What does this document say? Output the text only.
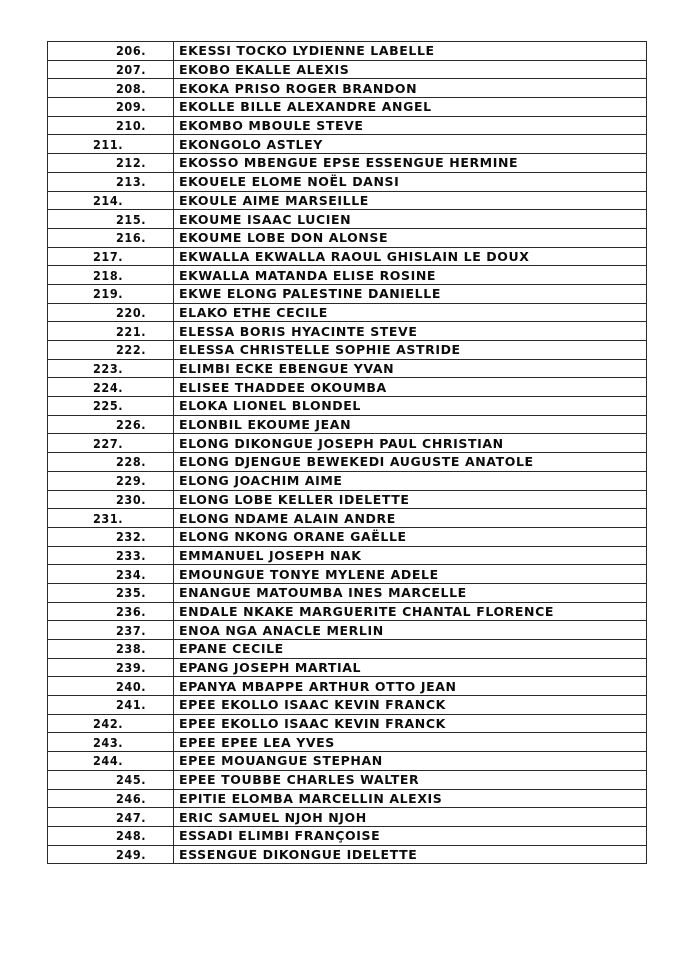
206.	EKESSI TOCKO LYDIENNE LABELLE
207.	EKOBO EKALLE ALEXIS
208.	EKOKA PRISO ROGER BRANDON
209.	EKOLLE BILLE ALEXANDRE ANGEL
210.	EKOMBO MBOULE STEVE
211.	EKONGOLO ASTLEY
212.	EKOSSO MBENGUE EPSE ESSENGUE HERMINE
213.	EKOUELE ELOME NOËL DANSI
214.	EKOULE AIME MARSEILLE
215.	EKOUME ISAAC LUCIEN
216.	EKOUME LOBE DON ALONSE
217.	EKWALLA EKWALLA RAOUL GHISLAIN LE DOUX
218.	EKWALLA MATANDA ELISE ROSINE
219.	EKWE ELONG PALESTINE DANIELLE
220.	ELAKO ETHE CECILE
221.	ELESSA BORIS HYACINTE STEVE
222.	ELESSA CHRISTELLE SOPHIE ASTRIDE
223.	ELIMBI ECKE EBENGUE YVAN
224.	ELISEE THADDEE OKOUMBA
225.	ELOKA LIONEL BLONDEL
226.	ELONBIL EKOUME JEAN
227.	ELONG DIKONGUE JOSEPH PAUL CHRISTIAN
228.	ELONG DJENGUE BEWEKEDI AUGUSTE ANATOLE
229.	ELONG JOACHIM AIME
230.	ELONG LOBE KELLER IDELETTE
231.	ELONG NDAME ALAIN ANDRE
232.	ELONG NKONG ORANE GAËLLE
233.	EMMANUEL JOSEPH NAK
234.	EMOUNGUE TONYE MYLENE ADELE
235.	ENANGUE MATOUMBA INES MARCELLE
236.	ENDALE NKAKE MARGUERITE CHANTAL FLORENCE
237.	ENOA NGA ANACLE MERLIN
238.	EPANE CECILE
239.	EPANG JOSEPH MARTIAL
240.	EPANYA MBAPPE ARTHUR OTTO JEAN
241.	EPEE EKOLLO ISAAC KEVIN FRANCK
242.	EPEE EKOLLO ISAAC KEVIN FRANCK
243.	EPEE EPEE LEA YVES
244.	EPEE MOUANGUE STEPHAN
245.	EPEE TOUBBE CHARLES WALTER
246.	EPITIE ELOMBA MARCELLIN ALEXIS
247.	ERIC SAMUEL NJOH NJOH
248.	ESSADI ELIMBI FRANÇOISE
249.	ESSENGUE DIKONGUE IDELETTE
